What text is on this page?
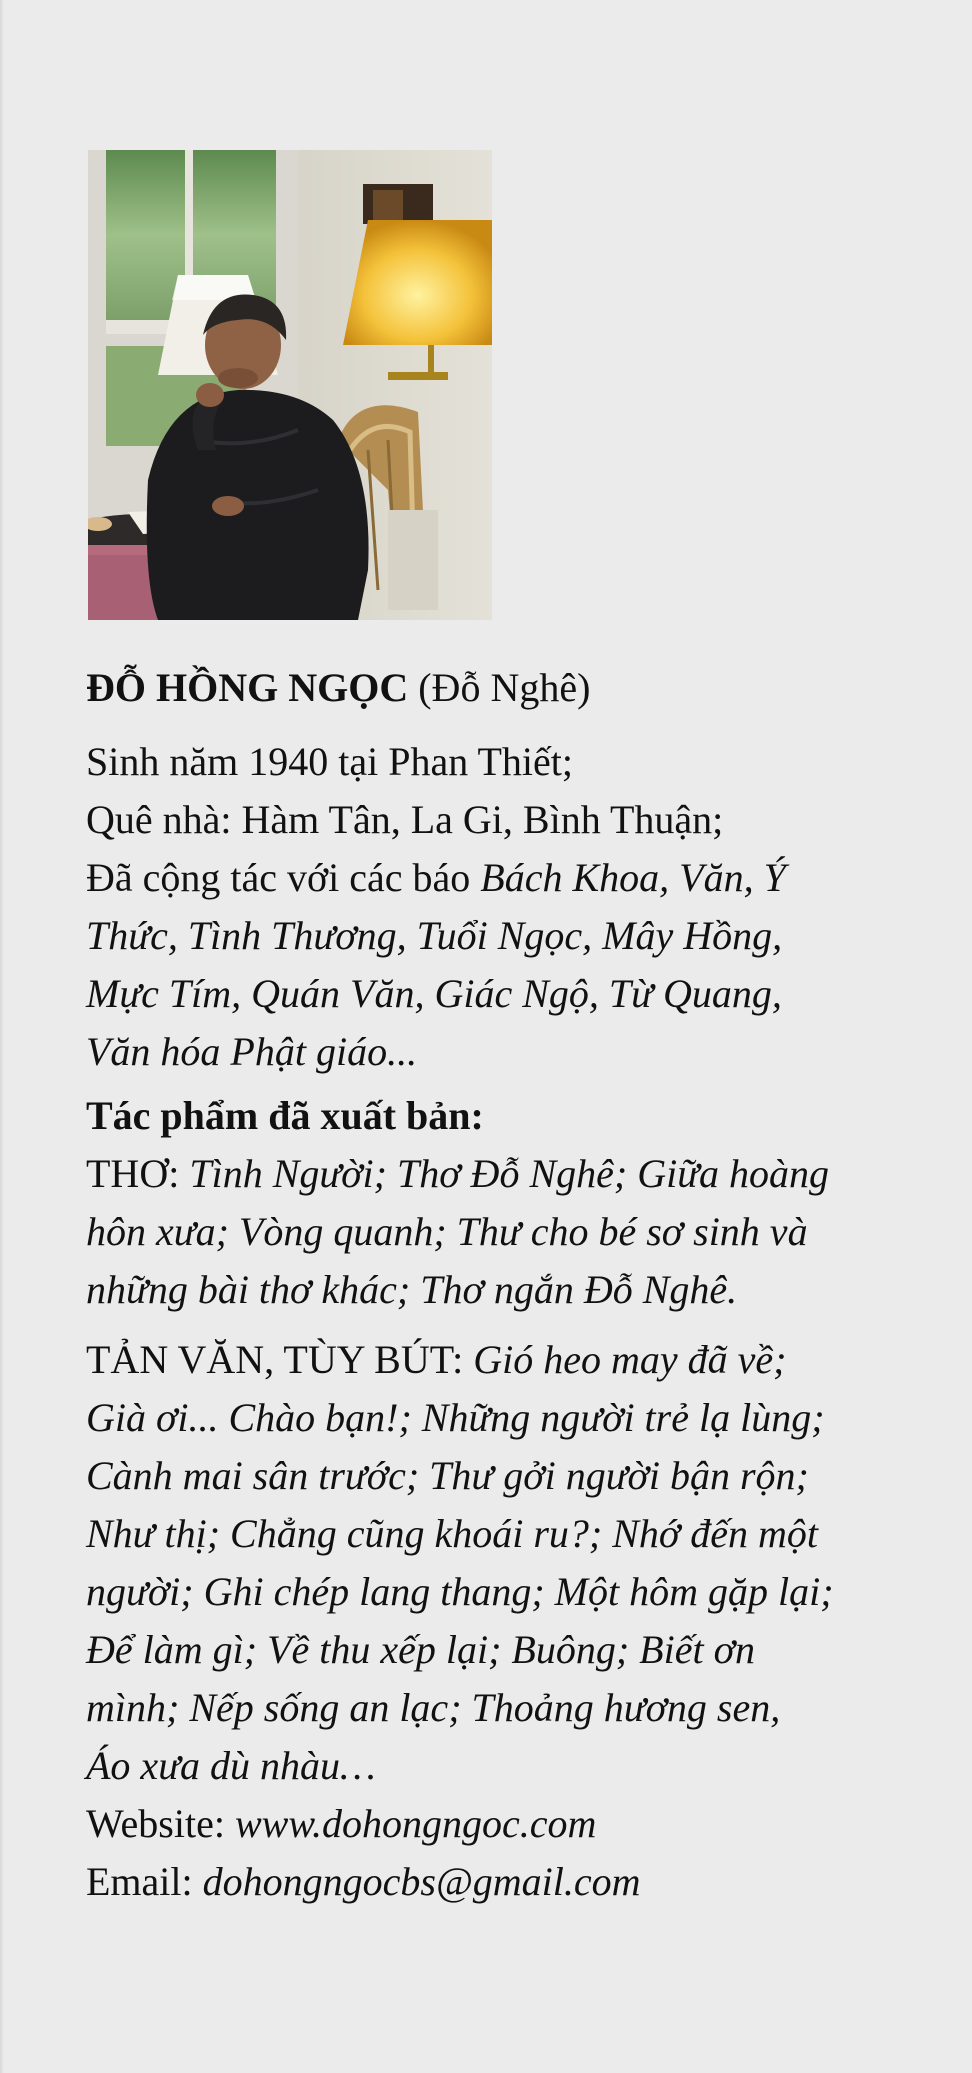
ĐỖ HỒNG NGỌC (Đỗ Nghê)

Sinh năm 1940 tại Phan Thiết;

Quê nhà: Hàm Tân, La Gi, Bình Thuận;

Đã cộng tác với các báo Bách Khoa, Văn, Ý

Thức, Tình Thương, Tuổi Ngọc, Mây Hồng,

Mực Tím, Quán Văn, Giác Ngộ, Từ Quang,

Văn hóa Phật giáo...

Tác phẩm đã xuất bản:

THƠ: Tình Người; Thơ Đỗ Nghê; Giữa hoàng

hôn xưa; Vòng quanh; Thư cho bé sơ sinh và

những bài thơ khác; Thơ ngắn Đỗ Nghê.

TẢN VĂN, TÙY BÚT: Gió heo may đã về;

Già ơi... Chào bạn!; Những người trẻ lạ lùng;

Cành mai sân trước; Thư gởi người bận rộn;

Như thị; Chẳng cũng khoái ru?; Nhớ đến một

người; Ghi chép lang thang; Một hôm gặp lại;

Để làm gì; Về thu xếp lại; Buông; Biết ơn

mình; Nếp sống an lạc; Thoảng hương sen,

Áo xưa dù nhàu…

Website: www.dohongngoc.com

Email: dohongngocbs@gmail.com
